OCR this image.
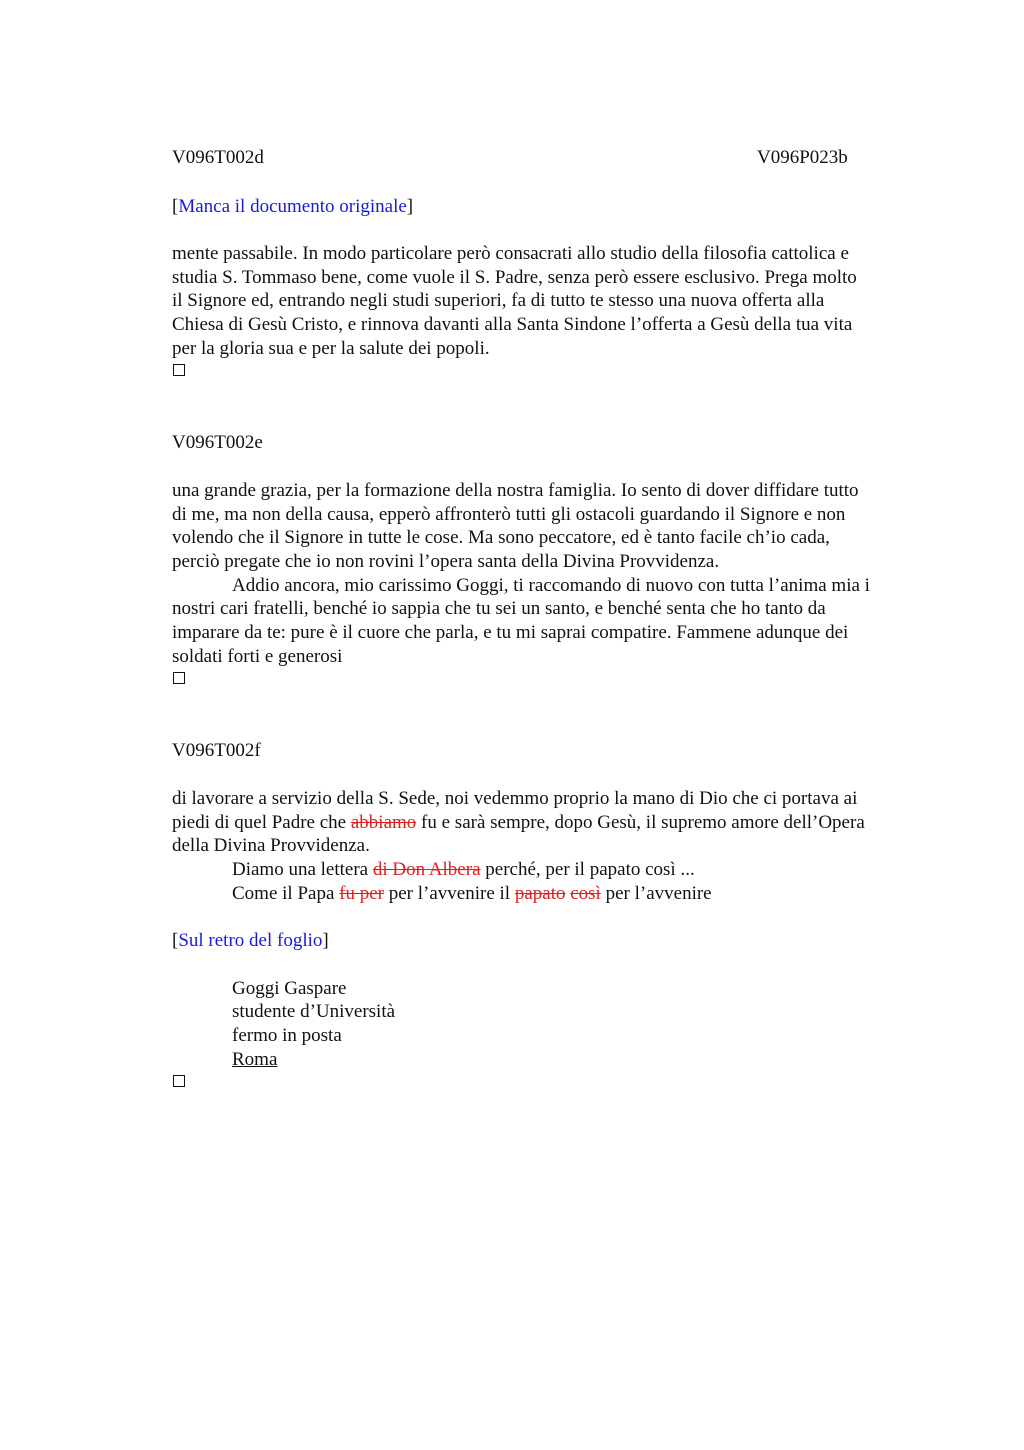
V096T002d	V096P023b
[Manca il documento originale]
mente passabile. In modo particolare però consacrati allo studio della filosofia cattolica e
studia S. Tommaso bene, come vuole il S. Padre, senza però essere esclusivo. Prega molto
il Signore ed, entrando negli studi superiori, fa di tutto te stesso una nuova offerta alla
Chiesa di Gesù Cristo, e rinnova davanti alla Santa Sindone l’offerta a Gesù della tua vita
per la gloria sua e per la salute dei popoli.
V096T002e
una grande grazia, per la formazione della nostra famiglia. Io sento di dover diffidare tutto
di me, ma non della causa, epperò affronterò tutti gli ostacoli guardando il Signore e non
volendo che il Signore in tutte le cose. Ma sono peccatore, ed è tanto facile ch’io cada,
perciò pregate che io non rovini l’opera santa della Divina Provvidenza.
Addio ancora, mio carissimo Goggi, ti raccomando di nuovo con tutta l’anima mia i
nostri cari fratelli, benché io sappia che tu sei un santo, e benché senta che ho tanto da
imparare da te: pure è il cuore che parla, e tu mi saprai compatire. Fammene adunque dei
soldati forti e generosi
V096T002f
di lavorare a servizio della S. Sede, noi vedemmo proprio la mano di Dio che ci portava ai
piedi di quel Padre che abbiamo fu e sarà sempre, dopo Gesù, il supremo amore dell’Opera
della Divina Provvidenza.
Diamo una lettera di Don Albera perché, per il papato così ...
Come il Papa fu per per l’avvenire il papato così per l’avvenire
[Sul retro del foglio]
Goggi Gaspare
studente d’Università
fermo in posta
Roma
